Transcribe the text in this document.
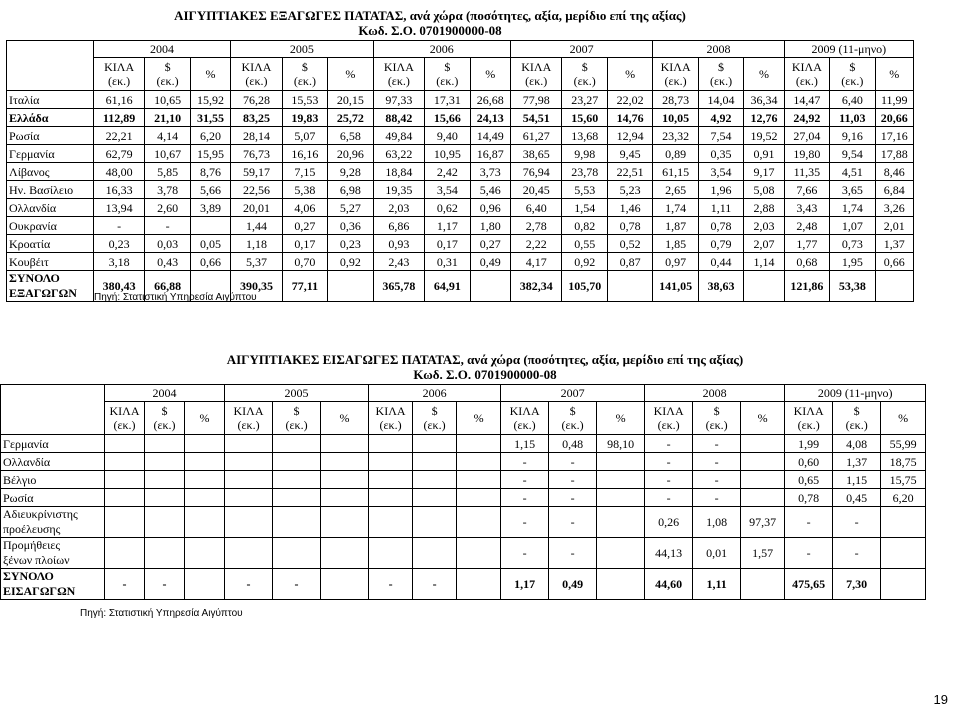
ΑΙΓΥΠΤΙΑΚΕΣ ΕΞΑΓΩΓΕΣ ΠΑΤΑΤΑΣ, ανά χώρα (ποσότητες, αξία, μερίδιο επί της αξίας)
Κωδ. Σ.Ο. 0701900000-08
	2004			2005			2006			2007			2008			2009 (11-μηνο)		
	ΚΙΛΑ
(εκ.)	$
(εκ.)	%	ΚΙΛΑ
(εκ.)	$
(εκ.)	%	ΚΙΛΑ
(εκ.)	$
(εκ.)	%	ΚΙΛΑ
(εκ.)	$
(εκ.)	%	ΚΙΛΑ
(εκ.)	$
(εκ.)	%	ΚΙΛΑ
(εκ.)	$
(εκ.)	%
Ιταλία	61,16	10,65	15,92	76,28	15,53	20,15	97,33	17,31	26,68	77,98	23,27	22,02	28,73	14,04	36,34	14,47	6,40	11,99
Ελλάδα	112,89	21,10	31,55	83,25	19,83	25,72	88,42	15,66	24,13	54,51	15,60	14,76	10,05	4,92	12,76	24,92	11,03	20,66
Ρωσία	22,21	4,14	6,20	28,14	5,07	6,58	49,84	9,40	14,49	61,27	13,68	12,94	23,32	7,54	19,52	27,04	9,16	17,16
Γερμανία	62,79	10,67	15,95	76,73	16,16	20,96	63,22	10,95	16,87	38,65	9,98	9,45	0,89	0,35	0,91	19,80	9,54	17,88
Λίβανος	48,00	5,85	8,76	59,17	7,15	9,28	18,84	2,42	3,73	76,94	23,78	22,51	61,15	3,54	9,17	11,35	4,51	8,46
Ην. Βασίλειο	16,33	3,78	5,66	22,56	5,38	6,98	19,35	3,54	5,46	20,45	5,53	5,23	2,65	1,96	5,08	7,66	3,65	6,84
Ολλανδία	13,94	2,60	3,89	20,01	4,06	5,27	2,03	0,62	0,96	6,40	1,54	1,46	1,74	1,11	2,88	3,43	1,74	3,26
Ουκρανία	-	-		1,44	0,27	0,36	6,86	1,17	1,80	2,78	0,82	0,78	1,87	0,78	2,03	2,48	1,07	2,01
Κροατία	0,23	0,03	0,05	1,18	0,17	0,23	0,93	0,17	0,27	2,22	0,55	0,52	1,85	0,79	2,07	1,77	0,73	1,37
Κουβέιτ	3,18	0,43	0,66	5,37	0,70	0,92	2,43	0,31	0,49	4,17	0,92	0,87	0,97	0,44	1,14	0,68	1,95	0,66
ΣΥΝΟΛΟ
ΕΞΑΓΩΓΩΝ	380,43	66,88		390,35	77,11		365,78	64,91		382,34	105,70		141,05	38,63		121,86	53,38	
Πηγή: Στατιστική Υπηρεσία Αιγύπτου
ΑΙΓΥΠΤΙΑΚΕΣ ΕΙΣΑΓΩΓΕΣ ΠΑΤΑΤΑΣ, ανά χώρα (ποσότητες, αξία, μερίδιο επί της αξίας)
Κωδ. Σ.Ο. 0701900000-08
	2004			2005			2006			2007			2008			2009 (11-μηνο)		
	ΚΙΛΑ
(εκ.)	$
(εκ.)	%	ΚΙΛΑ
(εκ.)	$
(εκ.)	%	ΚΙΛΑ
(εκ.)	$
(εκ.)	%	ΚΙΛΑ
(εκ.)	$
(εκ.)	%	ΚΙΛΑ
(εκ.)	$
(εκ.)	%	ΚΙΛΑ
(εκ.)	$
(εκ.)	%
Γερμανία										1,15	0,48	98,10	-	-		1,99	4,08	55,99
Ολλανδία										-	-		-	-		0,60	1,37	18,75
Βέλγιο										-	-		-	-		0,65	1,15	15,75
Ρωσία										-	-		-	-		0,78	0,45	6,20
Αδιευκρίνιστης
προέλευσης										-	-		0,26	1,08	97,37	-	-	
Προμήθειες
ξένων πλοίων										-	-		44,13	0,01	1,57	-	-	
ΣΥΝΟΛΟ
ΕΙΣΑΓΩΓΩΝ	-	-		-	-		-	-		1,17	0,49		44,60	1,11		475,65	7,30	
Πηγή: Στατιστική Υπηρεσία Αιγύπτου
19
